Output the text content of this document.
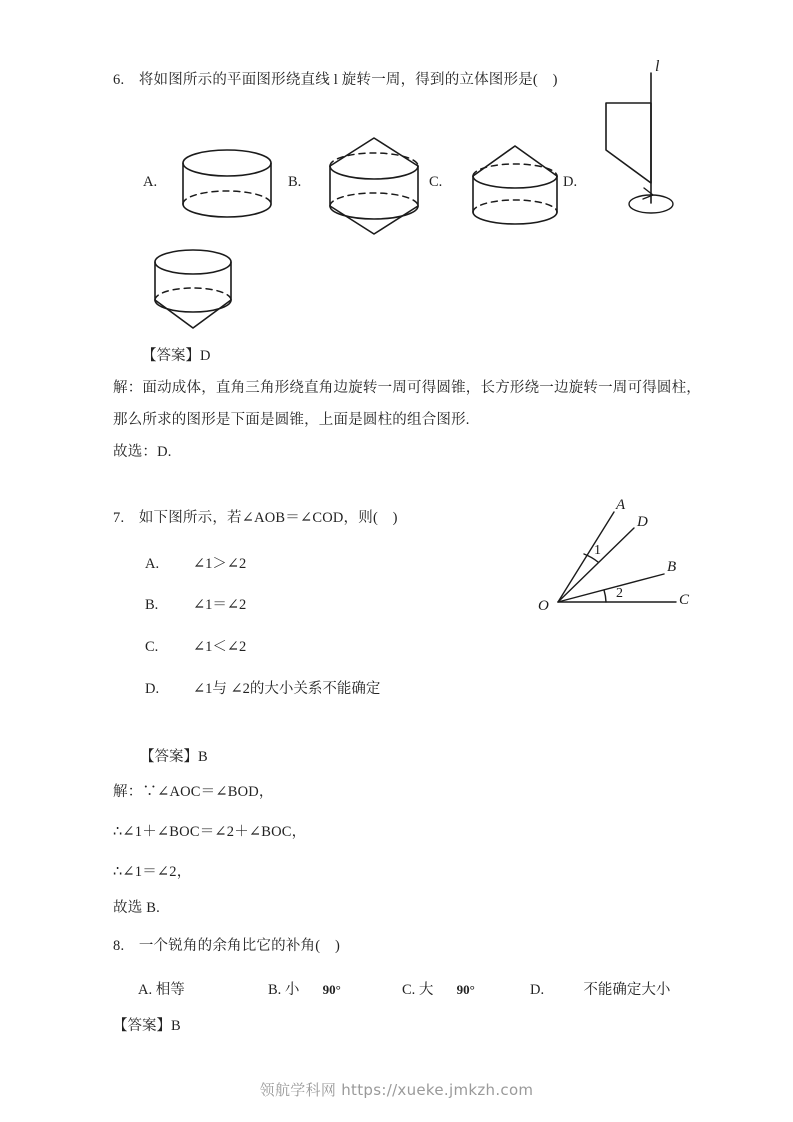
6. 将如图所示的平面图形绕直线 l 旋转一周，得到的立体图形是(　)
l
A.	B.	C.	D.
【答案】D
解：面动成体，直角三角形绕直角边旋转一周可得圆锥，长方形绕一边旋转一周可得圆柱，
那么所求的图形是下面是圆锥，上面是圆柱的组合图形.
故选：D.
7. 如下图所示，若∠AOB＝∠COD，则(　)
A
D
B
C
O
1
2
A. ∠1＞∠2
B. ∠1＝∠2
C. ∠1＜∠2
D. ∠1与 ∠2的大小关系不能确定
【答案】B
解：∵∠AOC＝∠BOD，
∴∠1＋∠BOC＝∠2＋∠BOC，
∴∠1＝∠2，
故选 B.
8. 一个锐角的余角比它的补角(　)
A. 相等	B. 小 90°	C. 大 90°	D.	不能确定大小
【答案】B
领航学科网 https://xueke.jmkzh.com
